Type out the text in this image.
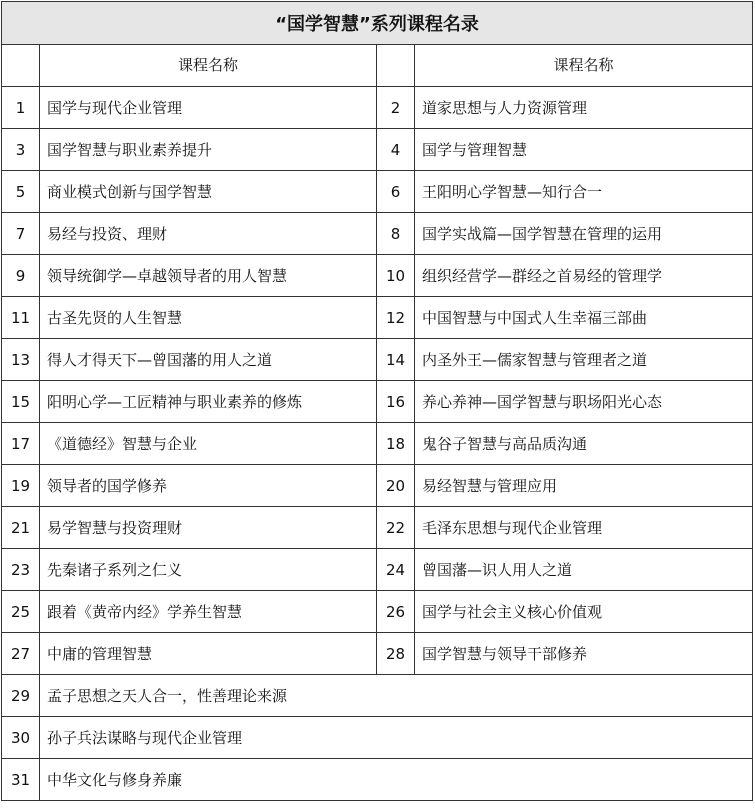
“国学智慧”系列课程名录			
	课程名称		课程名称
1	国学与现代企业管理	2	道家思想与人力资源管理
3	国学智慧与职业素养提升	4	国学与管理智慧
5	商业模式创新与国学智慧	6	王阳明心学智慧—知行合一
7	易经与投资、理财	8	国学实战篇—国学智慧在管理的运用
9	领导统御学—卓越领导者的用人智慧	10	组织经营学—群经之首易经的管理学
11	古圣先贤的人生智慧	12	中国智慧与中国式人生幸福三部曲
13	得人才得天下—曾国藩的用人之道	14	内圣外王—儒家智慧与管理者之道
15	阳明心学—工匠精神与职业素养的修炼	16	养心养神—国学智慧与职场阳光心态
17	《道德经》智慧与企业	18	鬼谷子智慧与高品质沟通
19	领导者的国学修养	20	易经智慧与管理应用
21	易学智慧与投资理财	22	毛泽东思想与现代企业管理
23	先秦诸子系列之仁义	24	曾国藩—识人用人之道
25	跟着《黄帝内经》学养生智慧	26	国学与社会主义核心价值观
27	中庸的管理智慧	28	国学智慧与领导干部修养
29	孟子思想之天人合一，性善理论来源		
30	孙子兵法谋略与现代企业管理		
31	中华文化与修身养廉		
